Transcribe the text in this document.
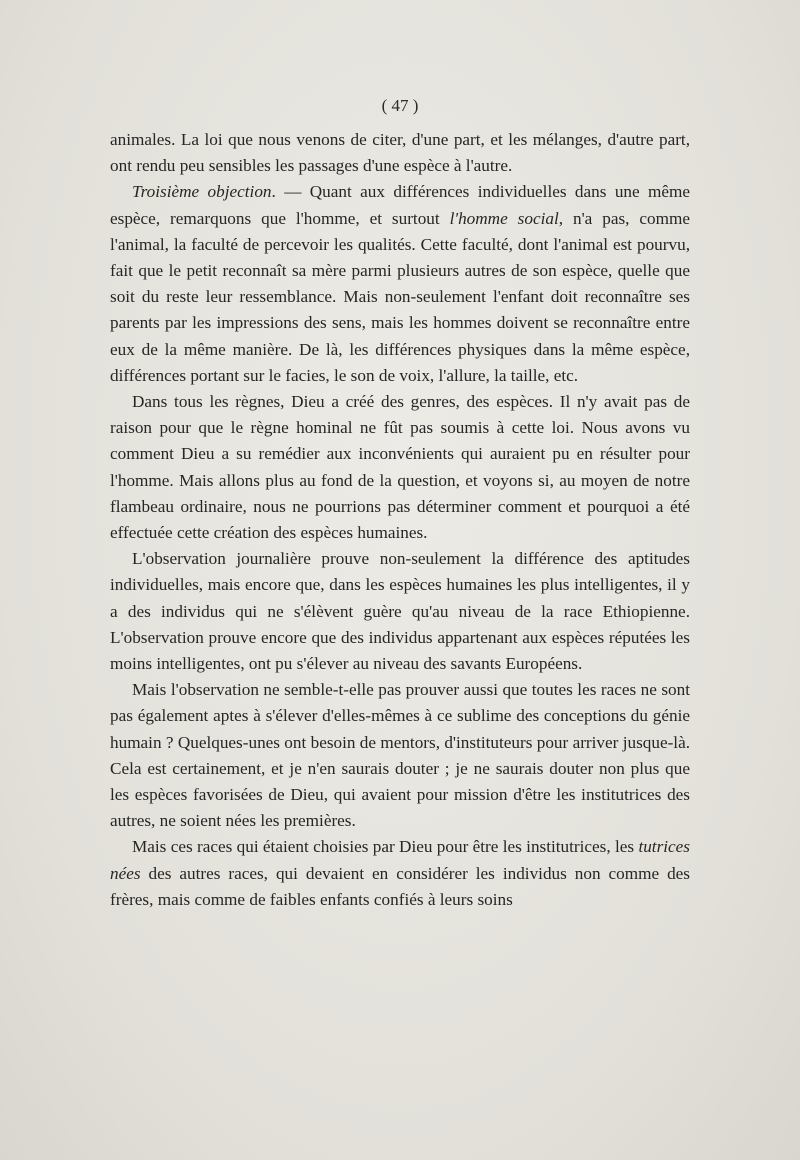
( 47 )

animales. La loi que nous venons de citer, d'une part, et les mélanges, d'autre part, ont rendu peu sensibles les passages d'une espèce à l'autre.

Troisième objection. — Quant aux différences individuelles dans une même espèce, remarquons que l'homme, et surtout l'homme social, n'a pas, comme l'animal, la faculté de percevoir les qualités. Cette faculté, dont l'animal est pourvu, fait que le petit reconnaît sa mère parmi plusieurs autres de son espèce, quelle que soit du reste leur ressemblance. Mais non-seulement l'enfant doit reconnaître ses parents par les impressions des sens, mais les hommes doivent se reconnaître entre eux de la même manière. De là, les différences physiques dans la même espèce, différences portant sur le facies, le son de voix, l'allure, la taille, etc.

Dans tous les règnes, Dieu a créé des genres, des espèces. Il n'y avait pas de raison pour que le règne hominal ne fût pas soumis à cette loi. Nous avons vu comment Dieu a su remédier aux inconvénients qui auraient pu en résulter pour l'homme. Mais allons plus au fond de la question, et voyons si, au moyen de notre flambeau ordinaire, nous ne pourrions pas déterminer comment et pourquoi a été effectuée cette création des espèces humaines.

L'observation journalière prouve non-seulement la différence des aptitudes individuelles, mais encore que, dans les espèces humaines les plus intelligentes, il y a des individus qui ne s'élèvent guère qu'au niveau de la race Ethiopienne. L'observation prouve encore que des individus appartenant aux espèces réputées les moins intelligentes, ont pu s'élever au niveau des savants Européens.

Mais l'observation ne semble-t-elle pas prouver aussi que toutes les races ne sont pas également aptes à s'élever d'elles-mêmes à ce sublime des conceptions du génie humain ? Quelques-unes ont besoin de mentors, d'instituteurs pour arriver jusque-là. Cela est certainement, et je n'en saurais douter ; je ne saurais douter non plus que les espèces favorisées de Dieu, qui avaient pour mission d'être les institutrices des autres, ne soient nées les premières.

Mais ces races qui étaient choisies par Dieu pour être les institutrices, les tutrices nées des autres races, qui devaient en considérer les individus non comme des frères, mais comme de faibles enfants confiés à leurs soins
